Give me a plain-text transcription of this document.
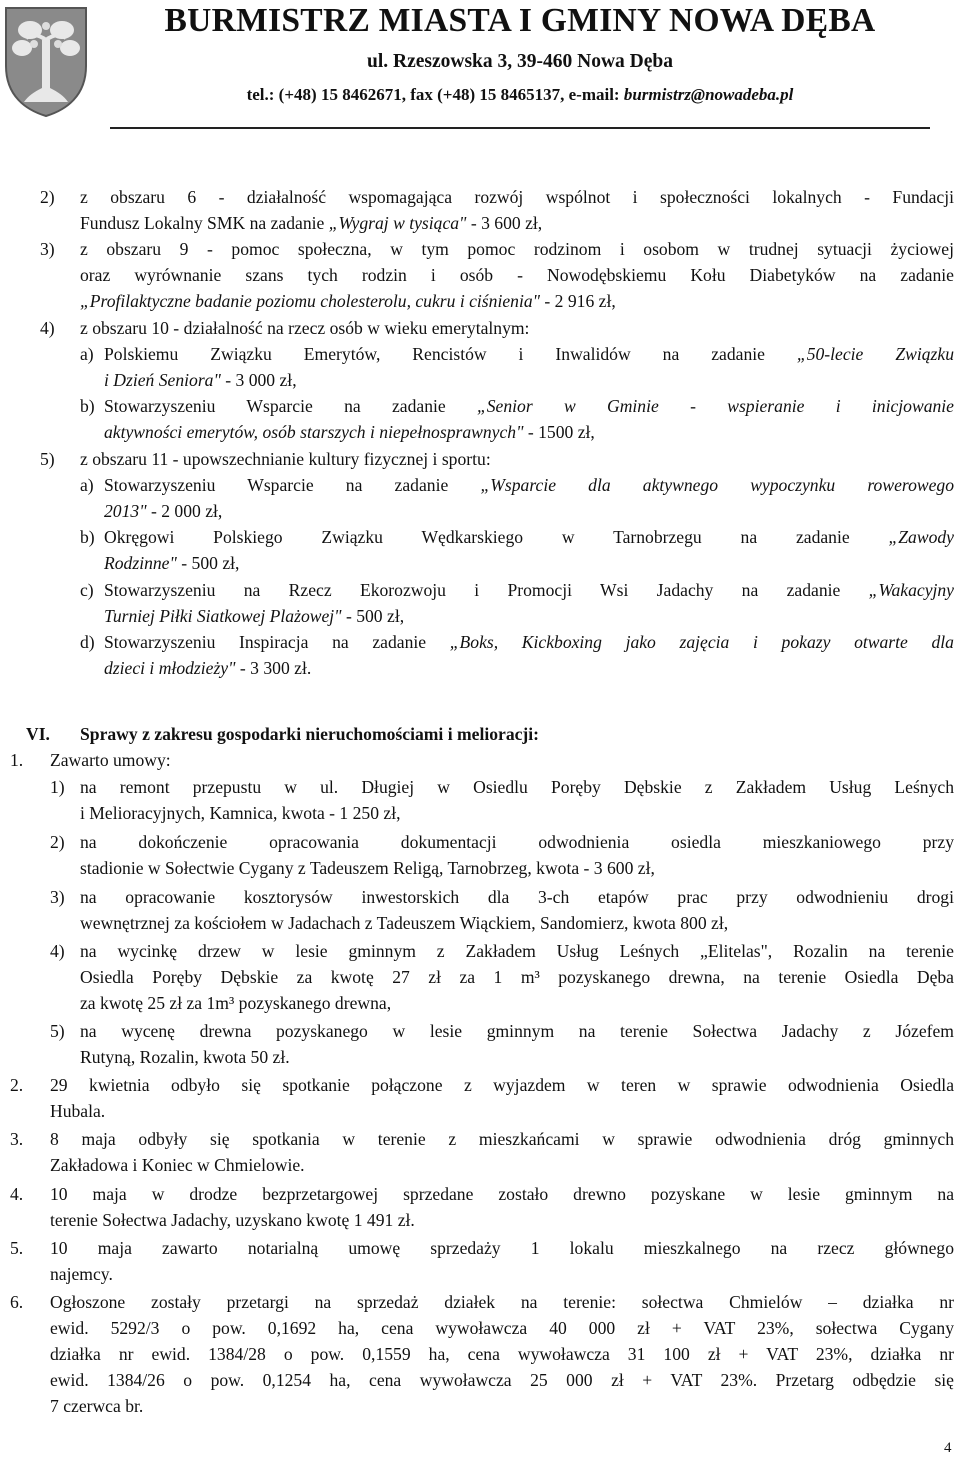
BURMISTRZ MIASTA I GMINY NOWA DĘBA
ul. Rzeszowska 3, 39-460 Nowa Dęba
tel.: (+48) 15 8462671, fax (+48) 15 8465137, e-mail: burmistrz@nowadeba.pl
2) z obszaru 6 - działalność wspomagająca rozwój wspólnot i społeczności lokalnych - Fundacji
Fundusz Lokalny SMK na zadanie „Wygraj w tysiąca" - 3 600 zł,
3) z obszaru 9 - pomoc społeczna, w tym pomoc rodzinom i osobom w trudnej sytuacji życiowej
oraz wyrównanie szans tych rodzin i osób - Nowodębskiemu Kołu Diabetyków na zadanie
„Profilaktyczne badanie poziomu cholesterolu, cukru i ciśnienia" - 2 916 zł,
4) z obszaru 10 - działalność na rzecz osób w wieku emerytalnym:
a) Polskiemu Związku Emerytów, Rencistów i Inwalidów na zadanie „50-lecie Związku
i Dzień Seniora" - 3 000 zł,
b) Stowarzyszeniu Wsparcie na zadanie „Senior w Gminie - wspieranie i inicjowanie
aktywności emerytów, osób starszych i niepełnosprawnych" - 1500 zł,
5) z obszaru 11 - upowszechnianie kultury fizycznej i sportu:
a) Stowarzyszeniu Wsparcie na zadanie „Wsparcie dla aktywnego wypoczynku rowerowego
2013" - 2 000 zł,
b) Okręgowi Polskiego Związku Wędkarskiego w Tarnobrzegu na zadanie „Zawody
Rodzinne" - 500 zł,
c) Stowarzyszeniu na Rzecz Ekorozwoju i Promocji Wsi Jadachy na zadanie „Wakacyjny
Turniej Piłki Siatkowej Plażowej" - 500 zł,
d) Stowarzyszeniu Inspiracja na zadanie „Boks, Kickboxing jako zajęcia i pokazy otwarte dla
dzieci i młodzieży" - 3 300 zł.
VI. Sprawy z zakresu gospodarki nieruchomościami i melioracji:
1. Zawarto umowy:
1) na remont przepustu w ul. Długiej w Osiedlu Poręby Dębskie z Zakładem Usług Leśnych
i Melioracyjnych, Kamnica, kwota - 1 250 zł,
2) na dokończenie opracowania dokumentacji odwodnienia osiedla mieszkaniowego przy
stadionie w Sołectwie Cygany z Tadeuszem Religą, Tarnobrzeg, kwota - 3 600 zł,
3) na opracowanie kosztorysów inwestorskich dla 3-ch etapów prac przy odwodnieniu drogi
wewnętrznej za kościołem w Jadachach z Tadeuszem Wiąckiem, Sandomierz, kwota 800 zł,
4) na wycinkę drzew w lesie gminnym z Zakładem Usług Leśnych „Elitelas", Rozalin na terenie
Osiedla Poręby Dębskie za kwotę 27 zł za 1 m³ pozyskanego drewna, na terenie Osiedla Dęba
za kwotę 25 zł za 1m³ pozyskanego drewna,
5) na wycenę drewna pozyskanego w lesie gminnym na terenie Sołectwa Jadachy z Józefem
Rutyną, Rozalin, kwota 50 zł.
2. 29 kwietnia odbyło się spotkanie połączone z wyjazdem w teren w sprawie odwodnienia Osiedla
Hubala.
3. 8 maja odbyły się spotkania w terenie z mieszkańcami w sprawie odwodnienia dróg gminnych
Zakładowa i Koniec w Chmielowie.
4. 10 maja w drodze bezprzetargowej sprzedane zostało drewno pozyskane w lesie gminnym na
terenie Sołectwa Jadachy, uzyskano kwotę 1 491 zł.
5. 10 maja zawarto notarialną umowę sprzedaży 1 lokalu mieszkalnego na rzecz głównego
najemcy.
6. Ogłoszone zostały przetargi na sprzedaż działek na terenie: sołectwa Chmielów – działka nr
ewid. 5292/3 o pow. 0,1692 ha, cena wywoławcza 40 000 zł + VAT 23%, sołectwa Cygany
działka nr ewid. 1384/28 o pow. 0,1559 ha, cena wywoławcza 31 100 zł + VAT 23%, działka nr
ewid. 1384/26 o pow. 0,1254 ha, cena wywoławcza 25 000 zł + VAT 23%. Przetarg odbędzie się
7 czerwca br.
4
